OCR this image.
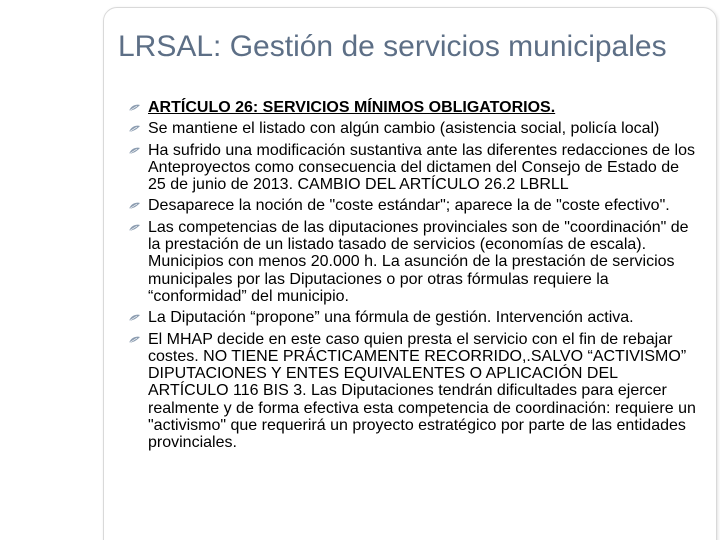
LRSAL: Gestión de servicios municipales
ARTÍCULO 26: SERVICIOS MÍNIMOS OBLIGATORIOS.
Se mantiene el listado con algún cambio (asistencia social, policía local)
Ha sufrido una modificación sustantiva ante las diferentes redacciones de los Anteproyectos como consecuencia del dictamen del Consejo de Estado de 25 de junio de 2013. CAMBIO DEL ARTÍCULO 26.2 LBRLL
Desaparece la noción de "coste estándar"; aparece la de "coste efectivo".
Las competencias de las diputaciones provinciales son de "coordinación" de la prestación de un listado tasado de servicios (economías de escala). Municipios con menos 20.000 h. La asunción de la prestación de servicios municipales por las Diputaciones o por otras fórmulas requiere la “conformidad” del municipio.
La Diputación “propone” una fórmula de gestión. Intervención activa.
El MHAP decide en este caso quien presta el servicio con el fin de rebajar costes. NO TIENE PRÁCTICAMENTE RECORRIDO,.SALVO “ACTIVISMO” DIPUTACIONES Y ENTES EQUIVALENTES O APLICACIÓN DEL ARTÍCULO 116 BIS 3. Las Diputaciones tendrán dificultades para ejercer realmente y de forma efectiva esta competencia de coordinación: requiere un "activismo" que requerirá un proyecto estratégico por parte de las entidades provinciales.
